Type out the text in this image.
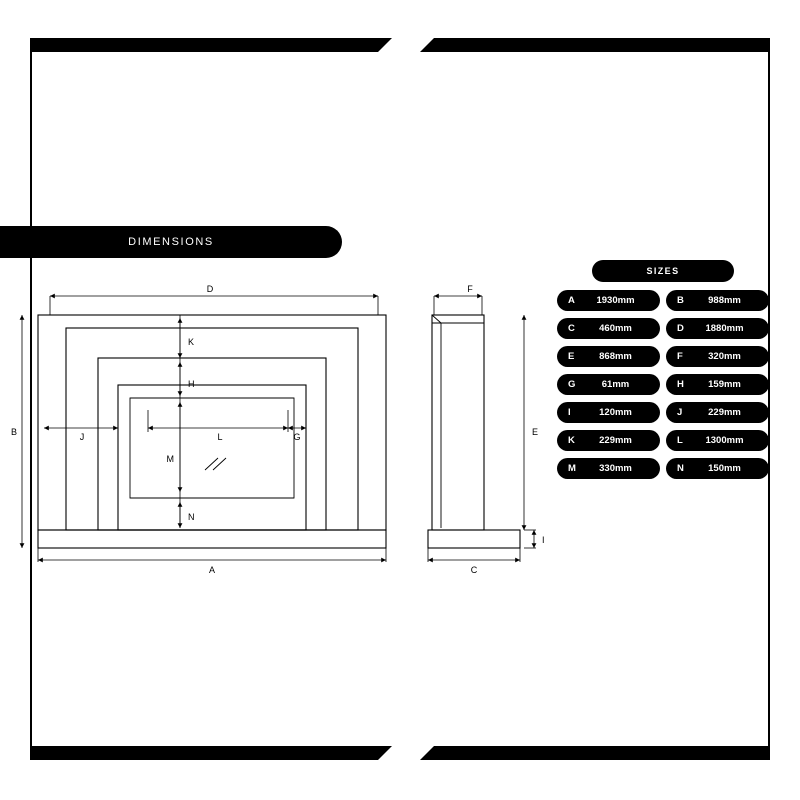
DIMENSIONS
SIZES
A	1930mm	B	988mm
C	460mm	D	1880mm
E	868mm	F	320mm
G	61mm	H	159mm
I	120mm	J	229mm
K	229mm	L	1300mm
M	330mm	N	150mm
D
A
B
K
H
M
N
J	G
L
F
E
I
C
